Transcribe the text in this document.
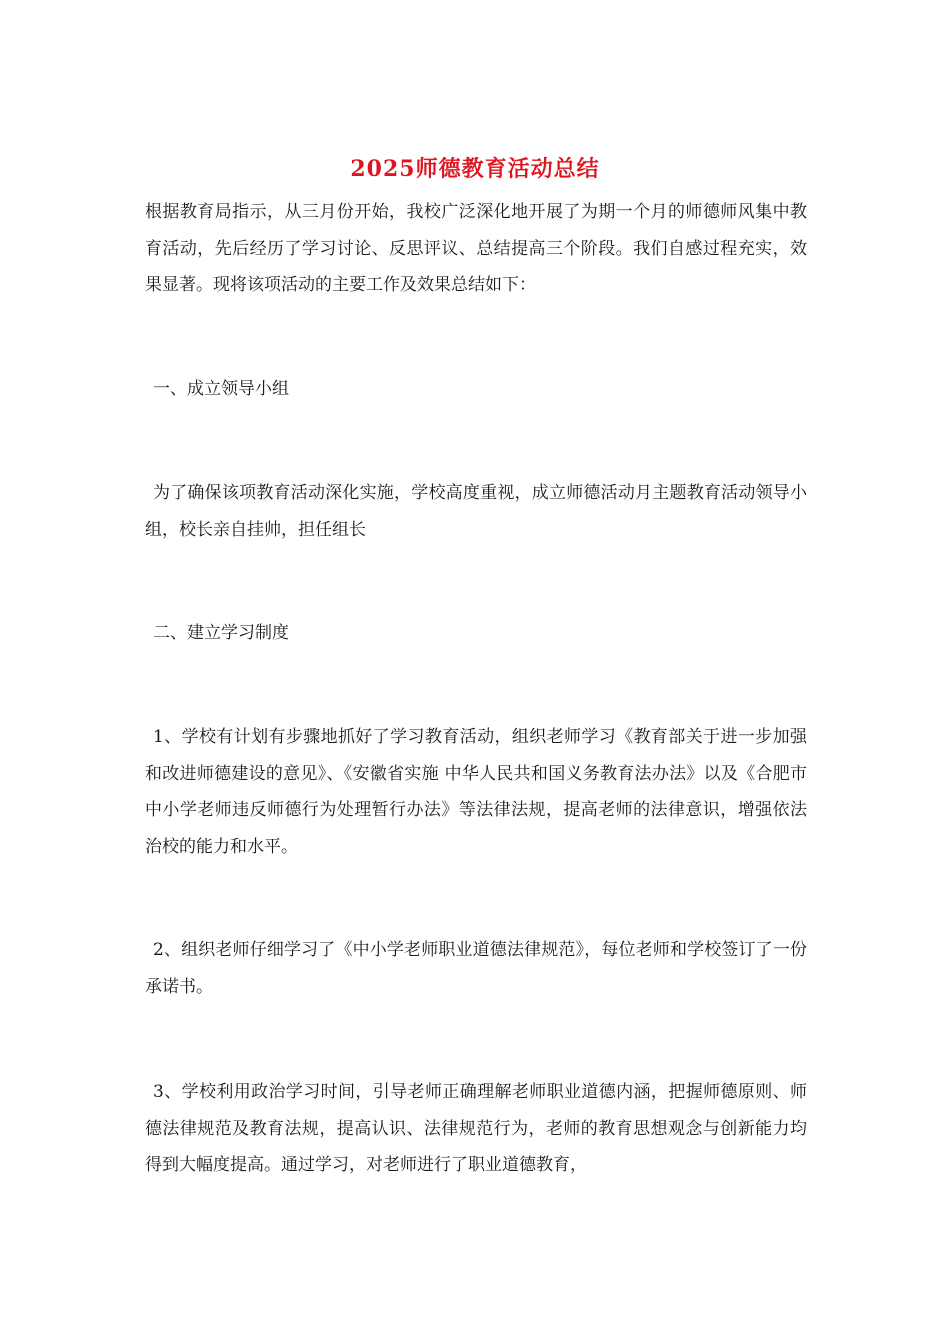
2025师德教育活动总结
根据教育局指示，从三月份开始，我校广泛深化地开展了为期一个月的师德师风集中教育活动，先后经历了学习讨论、反思评议、总结提高三个阶段。我们自感过程充实，效果显著。现将该项活动的主要工作及效果总结如下：
一、成立领导小组
为了确保该项教育活动深化实施，学校高度重视，成立师德活动月主题教育活动领导小组，校长亲自挂帅，担任组长
二、建立学习制度
1、学校有计划有步骤地抓好了学习教育活动，组织老师学习《教育部关于进一步加强和改进师德建设的意见》、《安徽省实施 中华人民共和国义务教育法办法》以及《合肥市中小学老师违反师德行为处理暂行办法》等法律法规，提高老师的法律意识，增强依法治校的能力和水平。
2、组织老师仔细学习了《中小学老师职业道德法律规范》，每位老师和学校签订了一份承诺书。
3、学校利用政治学习时间，引导老师正确理解老师职业道德内涵，把握师德原则、师德法律规范及教育法规，提高认识、法律规范行为，老师的教育思想观念与创新能力均得到大幅度提高。通过学习，对老师进行了职业道德教育，
